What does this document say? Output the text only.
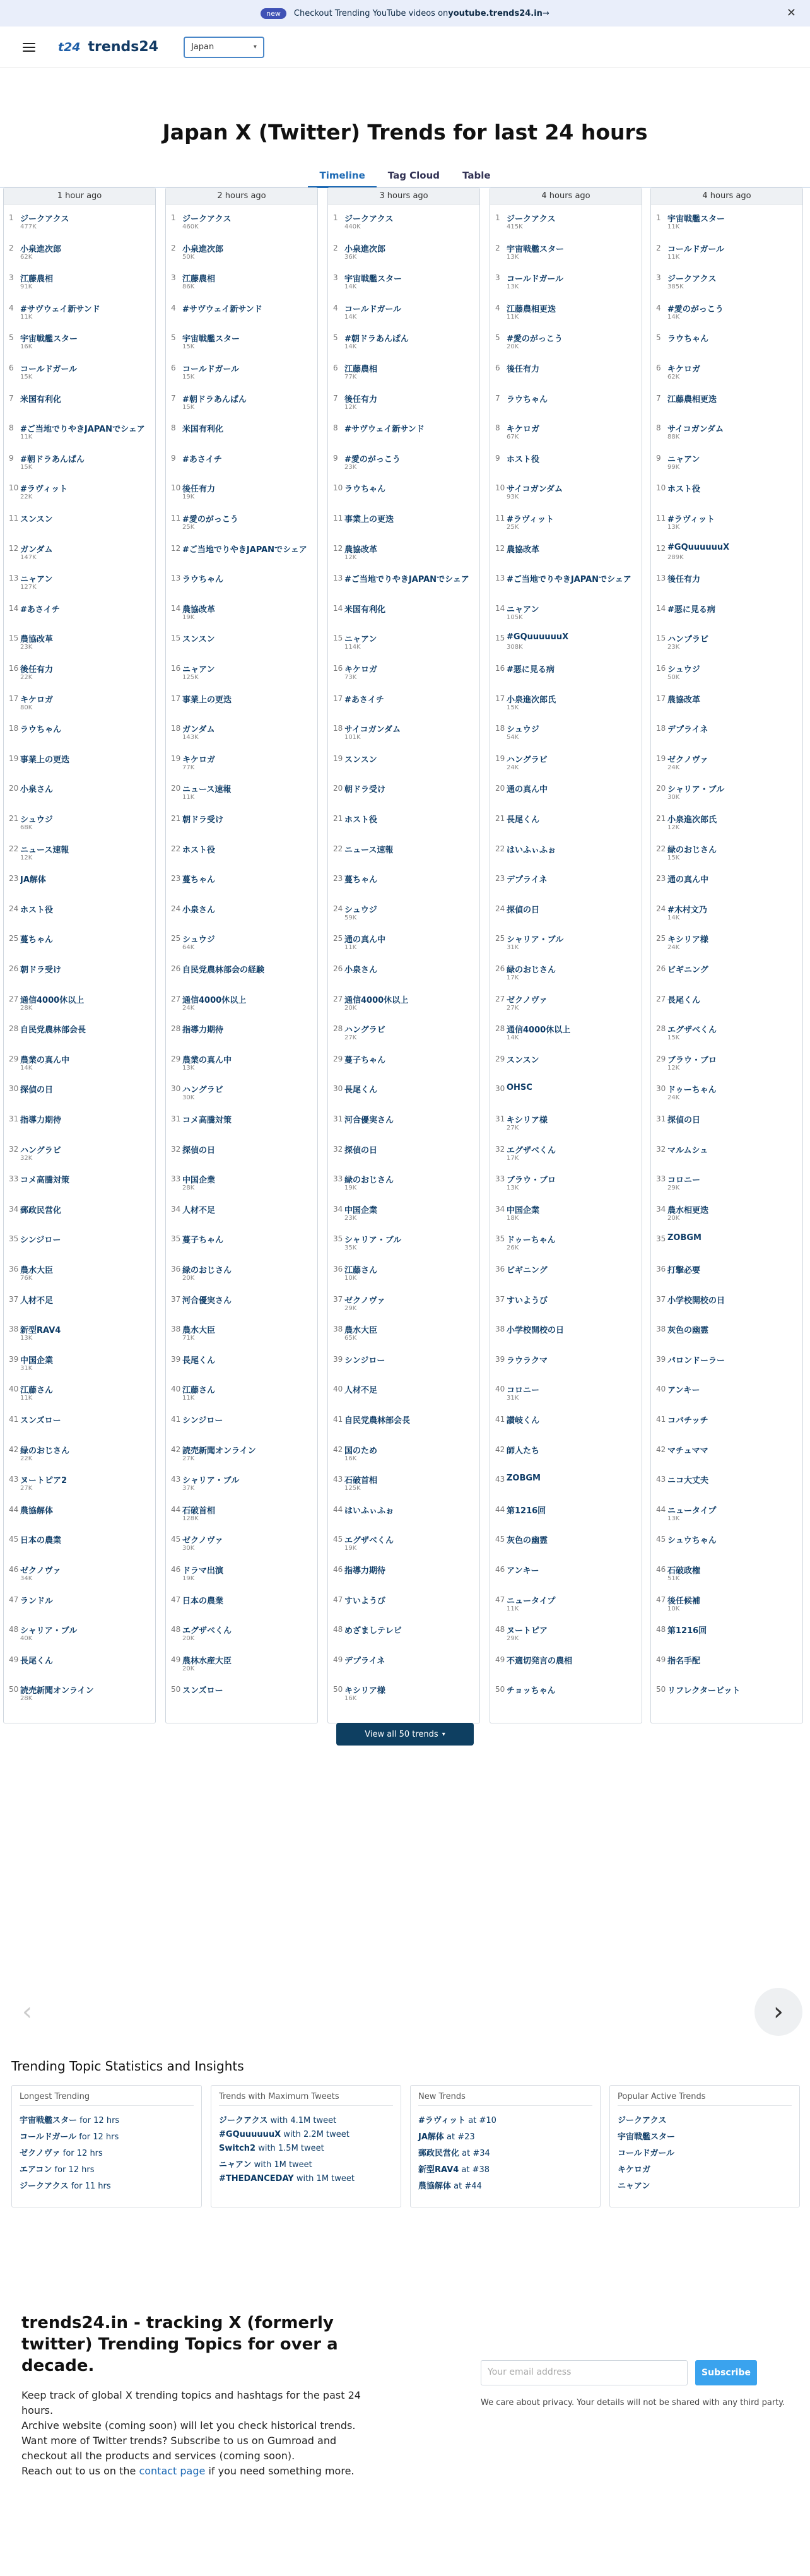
new	Checkout Trending YouTube videos on youtube.trends24.in →	✕
t24 trends24	Japan	▾
Japan X (Twitter) Trends for last 24 hours
Timeline	Tag Cloud	Table
1 hour ago
1 ジークアクス
477K
2 小泉進次郎
62K
3 江藤農相
91K
4 #サヴウェイ新サンド
11K
5 宇宙戦艦スター
16K
6 コールドガール
15K
7 米国有利化
8 #ご当地でりやきJAPANでシェア
11K
9 #朝ドラあんぱん
15K
10 #ラヴィット
22K
11 スンスン
12 ガンダム
147K
13 ニャアン
127K
14 #あさイチ
15 農協改革
23K
16 後任有力
22K
17 キケロガ
80K
18 ラウちゃん
19 事業上の更迭
20 小泉さん
21 シュウジ
68K
22 ニュース速報
12K
23 JA解体
24 ホスト役
25 蔓ちゃん
26 朝ドラ受け
27 通信4000休以上
28K
28 自民党農林部会長
29 農業の真ん中
14K
30 探偵の日
31 指導力期待
32 ハングラビ
32K
33 コメ高騰対策
34 郵政民営化
35 シンジロー
36 農水大臣
76K
37 人材不足
38 新型RAV4
13K
39 中国企業
31K
40 江藤さん
11K
41 スンズロー
42 緑のおじさん
22K
43 ヌートピア2
27K
44 農協解体
45 日本の農業
46 ゼクノヴァ
34K
47 ランドル
48 シャリア・ブル
40K
49 長尾くん
50 読売新聞オンライン
28K
2 hours ago
1 ジークアクス
460K
2 小泉進次郎
50K
3 江藤農相
86K
4 #サヴウェイ新サンド
5 宇宙戦艦スター
15K
6 コールドガール
15K
7 #朝ドラあんぱん
15K
8 米国有利化
9 #あさイチ
10 後任有力
19K
11 #愛のがっこう
25K
12 #ご当地でりやきJAPANでシェア
13 ラウちゃん
14 農協改革
19K
15 スンスン
16 ニャアン
125K
17 事業上の更迭
18 ガンダム
143K
19 キケロガ
77K
20 ニュース速報
11K
21 朝ドラ受け
22 ホスト役
23 蔓ちゃん
24 小泉さん
25 シュウジ
64K
26 自民党農林部会の経験
27 通信4000休以上
24K
28 指導力期待
29 農業の真ん中
13K
30 ハングラビ
30K
31 コメ高騰対策
32 探偵の日
33 中国企業
28K
34 人材不足
35 蔓子ちゃん
36 緑のおじさん
20K
37 河合優実さん
38 農水大臣
71K
39 長尾くん
40 江藤さん
11K
41 シンジロー
42 読売新聞オンライン
27K
43 シャリア・ブル
37K
44 石破首相
128K
45 ゼクノヴァ
30K
46 ドラマ出演
19K
47 日本の農業
48 エグザベくん
20K
49 農林水産大臣
20K
50 スンズロー
3 hours ago
1 ジークアクス
440K
2 小泉進次郎
36K
3 宇宙戦艦スター
14K
4 コールドガール
14K
5 #朝ドラあんぱん
14K
6 江藤農相
77K
7 後任有力
12K
8 #サヴウェイ新サンド
9 #愛のがっこう
23K
10 ラウちゃん
11 事業上の更迭
12 農協改革
12K
13 #ご当地でりやきJAPANでシェア
14 米国有利化
15 ニャアン
114K
16 キケロガ
73K
17 #あさイチ
18 サイコガンダム
101K
19 スンスン
20 朝ドラ受け
21 ホスト役
22 ニュース速報
23 蔓ちゃん
24 シュウジ
59K
25 通の真ん中
11K
26 小泉さん
27 通信4000休以上
20K
28 ハングラビ
27K
29 蔓子ちゃん
30 長尾くん
31 河合優実さん
32 探偵の日
33 緑のおじさん
19K
34 中国企業
23K
35 シャリア・ブル
35K
36 江藤さん
10K
37 ゼクノヴァ
29K
38 農水大臣
65K
39 シンジロー
40 人材不足
41 自民党農林部会長
42 国のため
16K
43 石破首相
125K
44 はいふぃふぉ
45 エグザベくん
19K
46 指導力期待
47 すいようび
48 めざましテレビ
49 デプライネ
50 キシリア様
16K
4 hours ago
1 ジークアクス
415K
2 宇宙戦艦スター
13K
3 コールドガール
13K
4 江藤農相更迭
11K
5 #愛のがっこう
20K
6 後任有力
7 ラウちゃん
8 キケロガ
67K
9 ホスト役
10 サイコガンダム
93K
11 #ラヴィット
25K
12 農協改革
13 #ご当地でりやきJAPANでシェア
14 ニャアン
105K
15 #GQuuuuuuX
308K
16 #悪に見る病
17 小泉進次郎氏
15K
18 シュウジ
54K
19 ハングラビ
24K
20 通の真ん中
21 長尾くん
22 はいふぃふぉ
23 デプライネ
24 探偵の日
25 シャリア・ブル
31K
26 緑のおじさん
17K
27 ゼクノヴァ
27K
28 通信4000休以上
14K
29 スンスン
30 OHSC
31 キシリア様
27K
32 エグザベくん
17K
33 ブラウ・ブロ
13K
34 中国企業
18K
35 ドゥーちゃん
26K
36 ビギニング
37 すいようび
38 小学校開校の日
39 ラウラクマ
40 コロニー
31K
41 讃岐くん
42 師人たち
43 ZOBGM
44 第1216回
45 灰色の幽霊
46 アンキー
47 ニュータイプ
11K
48 ヌートピア
29K
49 不適切発言の農相
50 チョッちゃん
4 hours ago
1 宇宙戦艦スター
11K
2 コールドガール
11K
3 ジークアクス
385K
4 #愛のがっこう
14K
5 ラウちゃん
6 キケロガ
62K
7 江藤農相更迭
8 サイコガンダム
88K
9 ニャアン
99K
10 ホスト役
11 #ラヴィット
13K
12 #GQuuuuuuX
289K
13 後任有力
14 #悪に見る病
15 ハンプラビ
23K
16 シュウジ
50K
17 農協改革
18 デプライネ
19 ゼクノヴァ
24K
20 シャリア・ブル
30K
21 小泉進次郎氏
12K
22 緑のおじさん
15K
23 通の真ん中
24 #木村文乃
14K
25 キシリア様
24K
26 ビギニング
27 長尾くん
28 エグザベくん
15K
29 ブラウ・ブロ
12K
30 ドゥーちゃん
24K
31 探偵の日
32 マルムシュ
33 コロニー
29K
34 農水相更迭
20K
35 ZOBGM
36 打撃必要
37 小学校開校の日
38 灰色の幽霊
39 パロンドーラー
40 アンキー
41 コバチッチ
42 マチュママ
43 ニコ大丈夫
44 ニュータイプ
13K
45 シュウちゃん
46 石破政権
51K
47 後任候補
10K
48 第1216回
49 指名手配
50 リフレクタービット
View all 50 trends ▾
‹	›
Trending Topic Statistics and Insights
Longest Trending
宇宙戦艦スター for 12 hrs
コールドガール for 12 hrs
ゼクノヴァ for 12 hrs
エアコン for 12 hrs
ジークアクス for 11 hrs
Trends with Maximum Tweets
ジークアクス with 4.1M tweet
#GQuuuuuuX with 2.2M tweet
Switch2 with 1.5M tweet
ニャアン with 1M tweet
#THEDANCEDAY with 1M tweet
New Trends
#ラヴィット at #10
JA解体 at #23
郵政民営化 at #34
新型RAV4 at #38
農協解体 at #44
Popular Active Trends
ジークアクス
宇宙戦艦スター
コールドガール
キケロガ
ニャアン
trends24.in - tracking X (formerly twitter) Trending Topics for over a decade.

Keep track of global X trending topics and hashtags for the past 24 hours.

Archive website (coming soon) will let you check historical trends.

Want more of Twitter trends? Subscribe to us on Gumroad and checkout all the products and services (coming soon).

Reach out to us on the contact page if you need something more.

Your email address	Subscribe
We care about privacy. Your details will not be shared with any third party.
